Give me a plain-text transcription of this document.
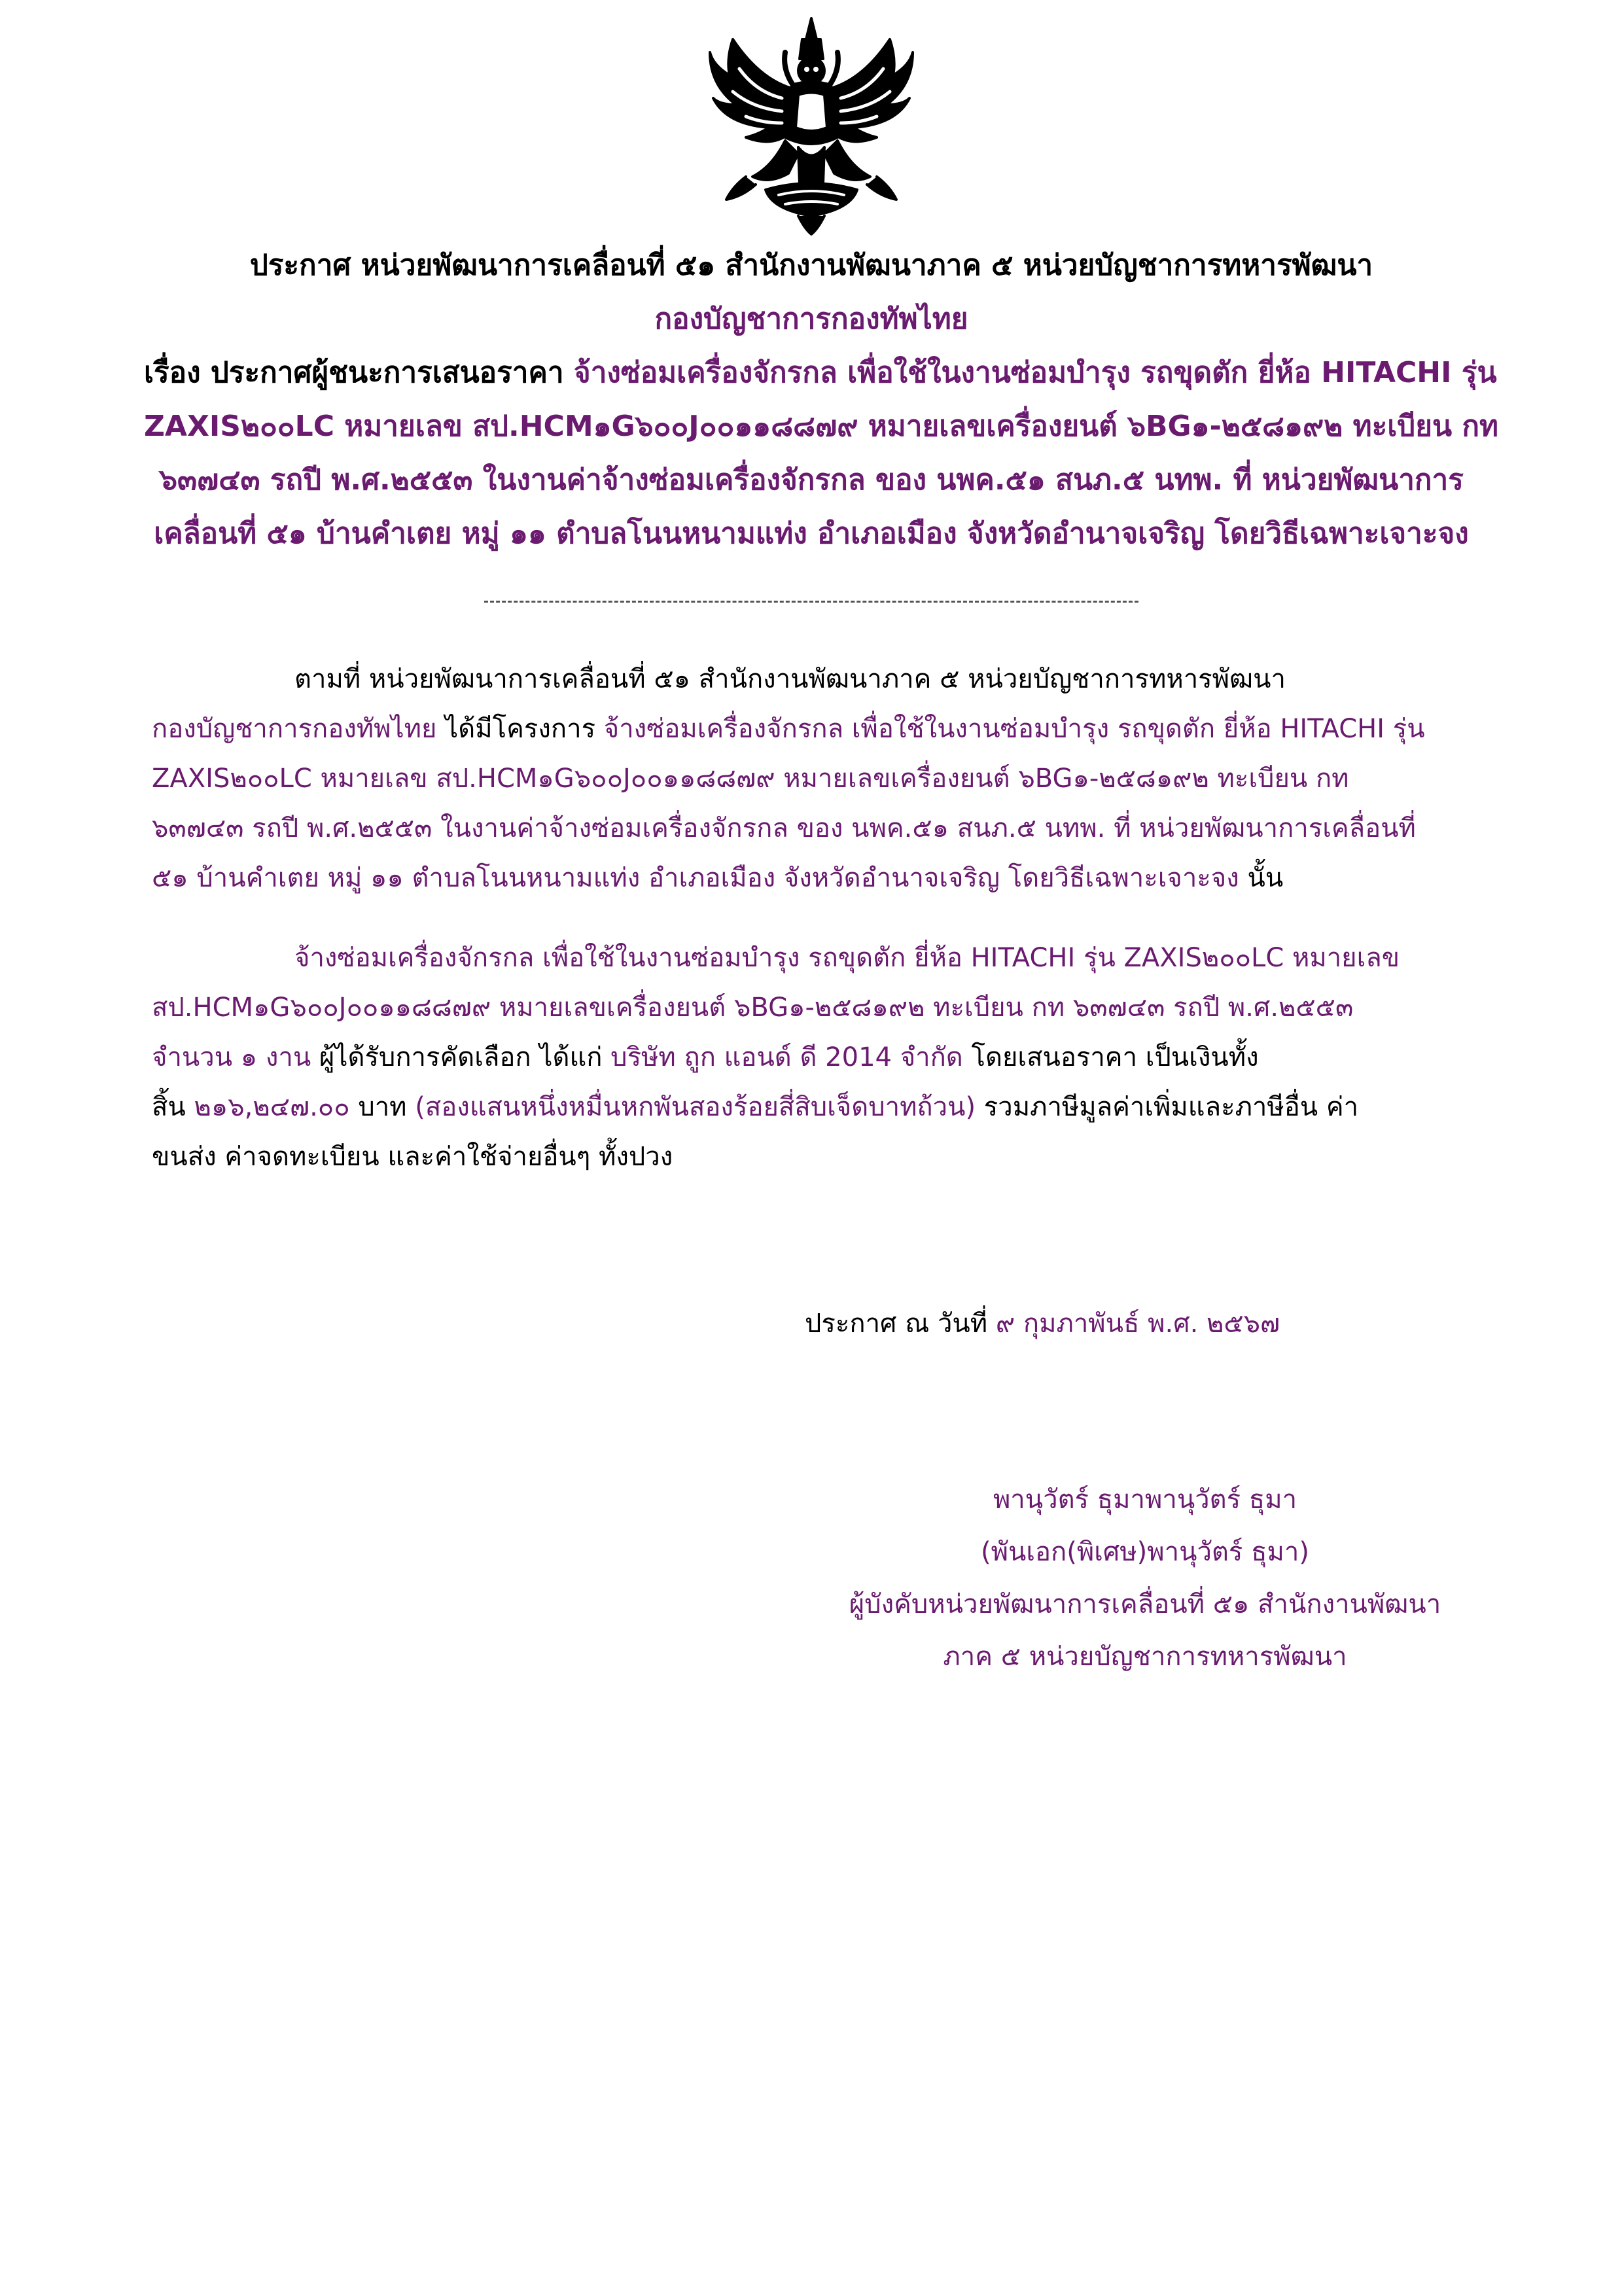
ประกาศ หน่วยพัฒนาการเคลื่อนที่ ๕๑ สำนักงานพัฒนาภาค ๕ หน่วยบัญชาการทหารพัฒนา
กองบัญชาการกองทัพไทย
เรื่อง ประกาศผู้ชนะการเสนอราคา จ้างซ่อมเครื่องจักรกล เพื่อใช้ในงานซ่อมบำรุง รถขุดตัก ยี่ห้อ HITACHI รุ่น
ZAXIS๒๐๐LC หมายเลข สป.HCM๑G๖๐๐J๐๐๑๑๘๘๗๙ หมายเลขเครื่องยนต์ ๖BG๑-๒๕๘๑๙๒ ทะเบียน กท
๖๓๗๔๓ รถปี พ.ศ.๒๕๕๓ ในงานค่าจ้างซ่อมเครื่องจักรกล ของ นพค.๕๑ สนภ.๕ นทพ. ที่ หน่วยพัฒนาการ
เคลื่อนที่ ๕๑ บ้านคำเตย หมู่ ๑๑ ตำบลโนนหนามแท่ง อำเภอเมือง จังหวัดอำนาจเจริญ โดยวิธีเฉพาะเจาะจง
ตามที่ หน่วยพัฒนาการเคลื่อนที่ ๕๑ สำนักงานพัฒนาภาค ๕ หน่วยบัญชาการทหารพัฒนา
กองบัญชาการกองทัพไทย ได้มีโครงการ จ้างซ่อมเครื่องจักรกล เพื่อใช้ในงานซ่อมบำรุง รถขุดตัก ยี่ห้อ HITACHI รุ่น
ZAXIS๒๐๐LC หมายเลข สป.HCM๑G๖๐๐J๐๐๑๑๘๘๗๙ หมายเลขเครื่องยนต์ ๖BG๑-๒๕๘๑๙๒ ทะเบียน กท
๖๓๗๔๓ รถปี พ.ศ.๒๕๕๓ ในงานค่าจ้างซ่อมเครื่องจักรกล ของ นพค.๕๑ สนภ.๕ นทพ. ที่ หน่วยพัฒนาการเคลื่อนที่
๕๑ บ้านคำเตย หมู่ ๑๑ ตำบลโนนหนามแท่ง อำเภอเมือง จังหวัดอำนาจเจริญ โดยวิธีเฉพาะเจาะจง นั้น
จ้างซ่อมเครื่องจักรกล เพื่อใช้ในงานซ่อมบำรุง รถขุดตัก ยี่ห้อ HITACHI รุ่น ZAXIS๒๐๐LC หมายเลข
สป.HCM๑G๖๐๐J๐๐๑๑๘๘๗๙ หมายเลขเครื่องยนต์ ๖BG๑-๒๕๘๑๙๒ ทะเบียน กท ๖๓๗๔๓ รถปี พ.ศ.๒๕๕๓
จำนวน ๑ งาน ผู้ได้รับการคัดเลือก ได้แก่ บริษัท ถูก แอนด์ ดี 2014 จำกัด โดยเสนอราคา เป็นเงินทั้ง
สิ้น ๒๑๖,๒๔๗.๐๐ บาท (สองแสนหนึ่งหมื่นหกพันสองร้อยสี่สิบเจ็ดบาทถ้วน) รวมภาษีมูลค่าเพิ่มและภาษีอื่น ค่า
ขนส่ง ค่าจดทะเบียน และค่าใช้จ่ายอื่นๆ ทั้งปวง
ประกาศ ณ วันที่ ๙ กุมภาพันธ์ พ.ศ. ๒๕๖๗
พานุวัตร์ ธุมาพานุวัตร์ ธุมา
(พันเอก(พิเศษ)พานุวัตร์ ธุมา)
ผู้บังคับหน่วยพัฒนาการเคลื่อนที่ ๕๑ สำนักงานพัฒนา
ภาค ๕ หน่วยบัญชาการทหารพัฒนา
